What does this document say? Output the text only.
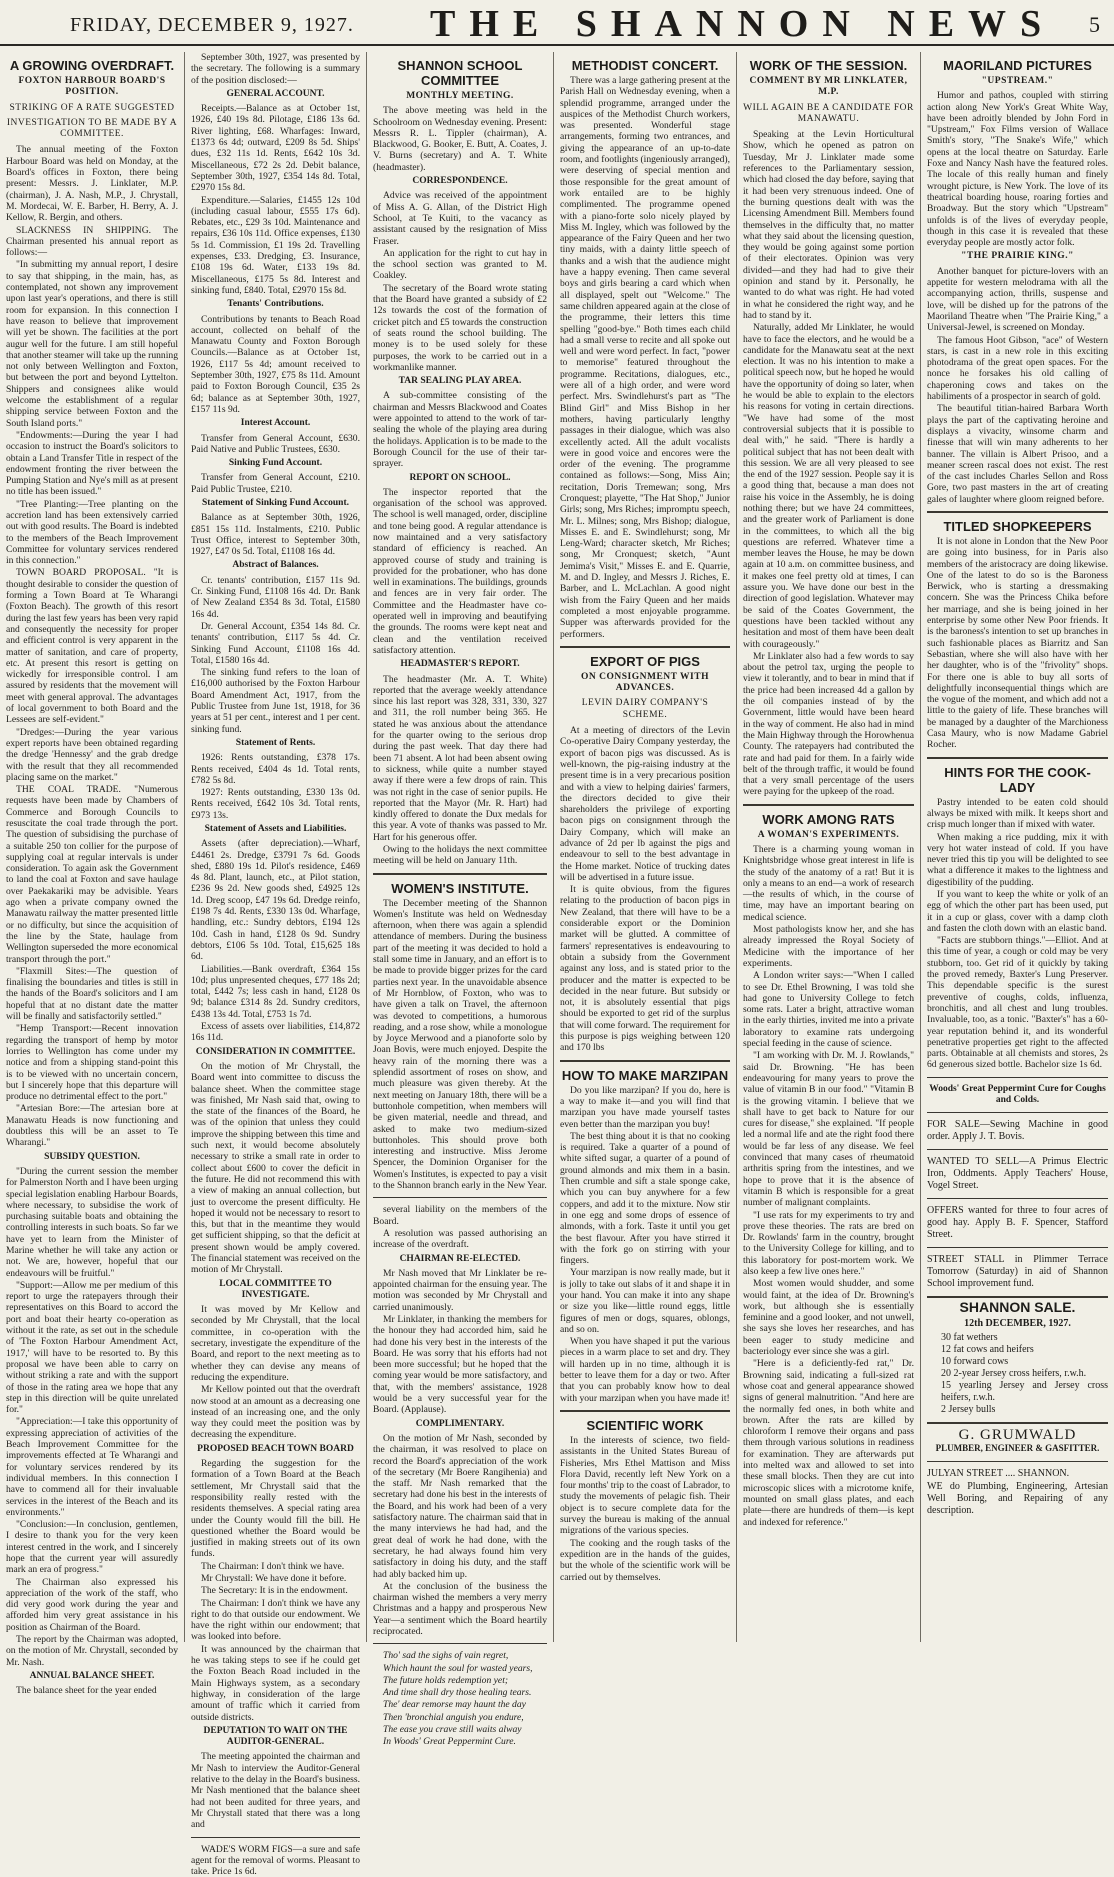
FRIDAY, DECEMBER 9, 1927. THE SHANNON NEWS 5
A GROWING OVERDRAFT.
FOXTON HARBOUR BOARD'S POSITION.
STRIKING OF A RATE SUGGESTED
INVESTIGATION TO BE MADE BY A COMMITTEE.

The annual meeting of the Foxton Harbour Board was held on Monday, at the Board's offices in Foxton, there being present: Messrs. J. Linklater, M.P. (chairman), J. A. Nash, M.P., J. Chrystall, M. Mordecai, W. E. Barber, H. Berry, A. J. Kellow, R. Bergin, and others.

SLACKNESS IN SHIPPING. The Chairman presented his annual report as follows:—

"In submitting my annual report, I desire to say that shipping, in the main, has, as contemplated, not shown any improvement upon last year's operations, and there is still room for expansion. In this connection I have reason to believe that improvement will yet be shown. The facilities at the port augur well for the future. I am still hopeful that another steamer will take up the running not only between Wellington and Foxton, but between the port and beyond Lyttelton. Shippers and consignees alike would welcome the establishment of a regular shipping service between Foxton and the South Island ports."

"Endowments:—During the year I had occasion to instruct the Board's solicitors to obtain a Land Transfer Title in respect of the endowment fronting the river between the Pumping Station and Nye's mill as at present no title has been issued."

"Tree Planting:—Tree planting on the accretion land has been extensively carried out with good results. The Board is indebted to the members of the Beach Improvement Committee for voluntary services rendered in this connection."

TOWN BOARD PROPOSAL. "It is thought desirable to consider the question of forming a Town Board at Te Wharangi (Foxton Beach). The growth of this resort during the last few years has been very rapid and consequently the necessity for proper and efficient control is very apparent in the matter of sanitation, and care of property, etc. At present this resort is getting on wickedly for irresponsible control. I am assured by residents that the movement will meet with general approval. The advantages of local government to both Board and the Lessees are self-evident."

"Dredges:—During the year various expert reports have been obtained regarding the dredge 'Hennessy' and the grab dredge with the result that they all recommended placing same on the market."

THE COAL TRADE. "Numerous requests have been made by Chambers of Commerce and Borough Councils to resuscitate the coal trade through the port. The question of subsidising the purchase of a suitable 250 ton collier for the purpose of supplying coal at regular intervals is under consideration. To again ask the Government to land the coal at Foxton and save haulage over Paekakariki may be advisible. Years ago when a private company owned the Manawatu railway the matter presented little or no difficulty, but since the acquisition of the line by the State, haulage from Wellington superseded the more economical transport through the port."

"Flaxmill Sites:—The question of finalising the boundaries and titles is still in the hands of the Board's solicitors and I am hopeful that at no distant date the matter will be finally and satisfactorily settled."

"Hemp Transport:—Recent innovation regarding the transport of hemp by motor lorries to Wellington has come under my notice and from a shipping stand-point this is to be viewed with no uncertain concern, but I sincerely hope that this departure will produce no detrimental effect to the port."

"Artesian Bore:—The artesian bore at Manawatu Heads is now functioning and doubtless this will be an asset to Te Wharangi."

SUBSIDY QUESTION.

"During the current session the member for Palmerston North and I have been urging special legislation enabling Harbour Boards, where necessary, to subsidise the work of purchasing suitable boats and obtaining the controlling interests in such boats. So far we have yet to learn from the Minister of Marine whether he will take any action or not. We are, however, hopeful that our endeavours will be fruitful."

"Support:—Allow me per medium of this report to urge the ratepayers through their representatives on this Board to accord the port and boat their hearty co-operation as without it the rate, as set out in the schedule of 'The Foxton Harbour Amendment Act, 1917,' will have to be resorted to. By this proposal we have been able to carry on without striking a rate and with the support of those in the rating area we hope that any step in this direction will be quite unrelated for."

"Appreciation:—I take this opportunity of expressing appreciation of activities of the Beach Improvement Committee for the improvements effected at Te Wharangi and for voluntary services rendered by its individual members. In this connection I have to commend all for their invaluable services in the interest of the Beach and its environments."

"Conclusion:—In conclusion, gentlemen, I desire to thank you for the very keen interest centred in the work, and I sincerely hope that the current year will assuredly mark an era of progress."

The Chairman also expressed his appreciation of the work of the staff, who did very good work during the year and afforded him very great assistance in his position as Chairman of the Board.

The report by the Chairman was adopted, on the motion of Mr. Chrystall, seconded by Mr. Nash.

ANNUAL BALANCE SHEET.

The balance sheet for the year ended

September 30th, 1927, was presented by the secretary. The following is a summary of the position disclosed:—

GENERAL ACCOUNT.

Receipts.—Balance as at October 1st, 1926, £40 19s 8d. Pilotage, £186 13s 6d. River lighting, £68. Wharfages: Inward, £1373 6s 4d; outward, £209 8s 5d. Ships' dues, £32 11s 1d. Rents, £642 10s 3d. Miscellaneous, £72 2s 2d. Debit balance, September 30th, 1927, £354 14s 8d. Total, £2970 15s 8d.

Expenditure.—Salaries, £1455 12s 10d (including casual labour, £555 17s 6d). Rebates, etc., £29 3s 10d. Maintenance and repairs, £36 10s 11d. Office expenses, £130 5s 1d. Commission, £1 19s 2d. Travelling expenses, £33. Dredging, £3. Insurance, £108 19s 6d. Water, £133 19s 8d. Miscellaneous, £175 5s 8d. Interest and sinking fund, £840. Total, £2970 15s 8d.

Tenants' Contributions.

Contributions by tenants to Beach Road account, collected on behalf of the Manawatu County and Foxton Borough Councils.—Balance as at October 1st, 1926, £117 5s 4d; amount received to September 30th, 1927, £75 8s 11d. Amount paid to Foxton Borough Council, £35 2s 6d; balance as at September 30th, 1927, £157 11s 9d.

Interest Account.

Transfer from General Account, £630. Paid Native and Public Trustees, £630.

Sinking Fund Account.

Transfer from General Account, £210. Paid Public Trustee, £210.

Statement of Sinking Fund Account.

Balance as at September 30th, 1926, £851 15s 11d. Instalments, £210. Public Trust Office, interest to September 30th, 1927, £47 0s 5d. Total, £1108 16s 4d.

Abstract of Balances.

Cr. tenants' contribution, £157 11s 9d. Cr. Sinking Fund, £1108 16s 4d. Dr. Bank of New Zealand £354 8s 3d. Total, £1580 16s 4d.

Dr. General Account, £354 14s 8d. Cr. tenants' contribution, £117 5s 4d. Cr. Sinking Fund Account, £1108 16s 4d. Total, £1580 16s 4d.

The sinking fund refers to the loan of £16,000 authorised by the Foxton Harbour Board Amendment Act, 1917, from the Public Trustee from June 1st, 1918, for 36 years at 51 per cent., interest and 1 per cent. sinking fund.

Statement of Rents.

1926: Rents outstanding, £378 17s. Rents received, £404 4s 1d. Total rents, £782 5s 8d.

1927: Rents outstanding, £330 13s 0d. Rents received, £642 10s 3d. Total rents, £973 13s.

Statement of Assets and Liabilities.

Assets (after depreciation).—Wharf, £4461 2s. Dredge, £3791 7s 6d. Goods shed, £880 19s 1d. Pilot's residence, £469 4s 8d. Plant, launch, etc., at Pilot station, £236 9s 2d. New goods shed, £4925 12s 1d. Dreg scoop, £47 19s 6d. Dredge reinfo, £198 7s 4d. Rents, £330 13s 0d. Wharfage, handling, etc.: Sundry debtors, £194 12s 10d. Cash in hand, £128 0s 9d. Sundry debtors, £106 5s 10d. Total, £15,625 18s 6d.

Liabilities.—Bank overdraft, £364 15s 10d; plus unpresented cheques, £77 18s 2d; total, £442 7s; less cash in hand, £128 0s 9d; balance £314 8s 2d. Sundry creditors, £438 13s 4d. Total, £753 1s 7d.

Excess of assets over liabilities, £14,872 16s 11d.

CONSIDERATION IN COMMITTEE.

On the motion of Mr Chrystall, the Board went into committee to discuss the balance sheet. When the committee stage was finished, Mr Nash said that, owing to the state of the finances of the Board, he was of the opinion that unless they could improve the shipping between this time and such next, it would become absolutely necessary to strike a small rate in order to collect about £600 to cover the deficit in the future. He did not recommend this with a view of making an annual collection, but just to overcome the present difficulty. He hoped it would not be necessary to resort to this, but that in the meantime they would get sufficient shipping, so that the deficit at present shown would be amply covered. The financial statement was received on the motion of Mr Chrystall.

LOCAL COMMITTEE TO INVESTIGATE.

It was moved by Mr Kellow and seconded by Mr Chrystall, that the local committee, in co-operation with the secretary, investigate the expenditure of the Board, and report to the next meeting as to whether they can devise any means of reducing the expenditure.

Mr Kellow pointed out that the overdraft now stood at an amount as a decreasing one instead of an increasing one, and the only way they could meet the position was by decreasing the expenditure.

PROPOSED BEACH TOWN BOARD

Regarding the suggestion for the formation of a Town Board at the Beach settlement, Mr Chrystall said that the responsibility really rested with the residents themselves. A special rating area under the County would fill the bill. He questioned whether the Board would be justified in making streets out of its own funds.

The Chairman: I don't think we have.

Mr Chrystall: We have done it before.

The Secretary: It is in the endowment.

The Chairman: I don't think we have any right to do that outside our endowment. We have the right within our endowment; that was looked into before.

It was announced by the chairman that he was taking steps to see if he could get the Foxton Beach Road included in the Main Highways system, as a secondary highway, in consideration of the large amount of traffic which it carried from outside districts.

DEPUTATION TO WAIT ON THE AUDITOR-GENERAL.

The meeting appointed the chairman and Mr Nash to interview the Auditor-General relative to the delay in the Board's business. Mr Nash mentioned that the balance sheet had not been audited for three years, and Mr Chrystall stated that there was a long and

WADE'S WORM FIGS—a sure and safe agent for the removal of worms. Pleasant to take. Price 1s 6d.

SHANNON SCHOOL COMMITTEE
MONTHLY MEETING.

The above meeting was held in the Schoolroom on Wednesday evening. Present: Messrs R. L. Tippler (chairman), A. Blackwood, G. Booker, E. Butt, A. Coates, J. V. Burns (secretary) and A. T. White (headmaster).

CORRESPONDENCE.

Advice was received of the appointment of Miss A. G. Allan, of the District High School, at Te Kuiti, to the vacancy as assistant caused by the resignation of Miss Fraser.

An application for the right to cut hay in the school section was granted to M. Coakley.

The secretary of the Board wrote stating that the Board have granted a subsidy of £2 12s towards the cost of the formation of cricket pitch and £5 towards the construction of seats round the school building. The money is to be used solely for these purposes, the work to be carried out in a workmanlike manner.

TAR SEALING PLAY AREA.

A sub-committee consisting of the chairman and Messrs Blackwood and Coates were appointed to attend to the work of tar-sealing the whole of the playing area during the holidays. Application is to be made to the Borough Council for the use of their tar-sprayer.

REPORT ON SCHOOL.

The inspector reported that the organisation of the school was approved. The school is well managed, order, discipline and tone being good. A regular attendance is now maintained and a very satisfactory standard of efficiency is reached. An approved course of study and training is provided for the probationer, who has done well in examinations. The buildings, grounds and fences are in very fair order. The Committee and the Headmaster have co-operated well in improving and beautifying the grounds. The rooms were kept neat and clean and the ventilation received satisfactory attention.

HEADMASTER'S REPORT.

The headmaster (Mr. A. T. White) reported that the average weekly attendance since his last report was 328, 331, 330, 327 and 311, the roll number being 365. He stated he was anxious about the attendance for the quarter owing to the serious drop during the past week. That day there had been 71 absent. A lot had been absent owing to sickness, while quite a number stayed away if there were a few drops of rain. This was not right in the case of senior pupils. He reported that the Mayor (Mr. R. Hart) had kindly offered to donate the Dux medals for this year. A vote of thanks was passed to Mr. Hart for his generous offer.

Owing to the holidays the next committee meeting will be held on January 11th.

WOMEN'S INSTITUTE.

The December meeting of the Shannon Women's Institute was held on Wednesday afternoon, when there was again a splendid attendance of members. During the business part of the meeting it was decided to hold a stall some time in January, and an effort is to be made to provide bigger prizes for the card parties next year. In the unavoidable absence of Mr Hornblow, of Foxton, who was to have given a talk on Travel, the afternoon was devoted to competitions, a humorous reading, and a rose show, while a monologue by Joyce Merwood and a pianoforte solo by Joan Bovis, were much enjoyed. Despite the heavy rain of the morning there was a splendid assortment of roses on show, and much pleasure was given thereby. At the next meeting on January 18th, there will be a buttonhole competition, when members will be given material, needle and thread, and asked to make two medium-sized buttonholes. This should prove both interesting and instructive. Miss Jerome Spencer, the Dominion Organiser for the Women's Institutes, is expected to pay a visit to the Shannon branch early in the New Year.

several liability on the members of the Board.

A resolution was passed authorising an increase of the overdraft.

CHAIRMAN RE-ELECTED.

Mr Nash moved that Mr Linklater be re-appointed chairman for the ensuing year. The motion was seconded by Mr Chrystall and carried unanimously.

Mr Linklater, in thanking the members for the honour they had accorded him, said he had done his very best in the interests of the Board. He was sorry that his efforts had not been more successful; but he hoped that the coming year would be more satisfactory, and that, with the members' assistance, 1928 would be a very successful year for the Board. (Applause).

COMPLIMENTARY.

On the motion of Mr Nash, seconded by the chairman, it was resolved to place on record the Board's appreciation of the work of the secretary (Mr Boere Rangihenia) and the staff. Mr Nash remarked that the secretary had done his best in the interests of the Board, and his work had been of a very satisfactory nature. The chairman said that in the many interviews he had had, and the great deal of work he had done, with the secretary, he had always found him very satisfactory in doing his duty, and the staff had ably backed him up.

At the conclusion of the business the chairman wished the members a very merry Christmas and a happy and prosperous New Year—a sentiment which the Board heartily reciprocated.

Tho' sad the sighs of vain regret,

Which haunt the soul for wasted years,

The future holds redemption yet;

And time shall dry those healing tears.

The' dear remorse may haunt the day

Then 'bronchial anguish you endure,

The ease you crave still waits alway

In Woods' Great Peppermint Cure.

METHODIST CONCERT.

There was a large gathering present at the Parish Hall on Wednesday evening, when a splendid programme, arranged under the auspices of the Methodist Church workers, was presented. Wonderful stage arrangements, forming two entrances, and giving the appearance of an up-to-date room, and footlights (ingeniously arranged), were deserving of special mention and those responsible for the great amount of work entailed are to be highly complimented. The programme opened with a piano-forte solo nicely played by Miss M. Ingley, which was followed by the appearance of the Fairy Queen and her two tiny maids, with a dainty little speech of thanks and a wish that the audience might have a happy evening. Then came several boys and girls bearing a card which when all displayed, spelt out "Welcome." The same children appeared again at the close of the programme, their letters this time spelling "good-bye." Both times each child had a small verse to recite and all spoke out well and were word perfect. In fact, "power to memorise" featured throughout the programme. Recitations, dialogues, etc., were all of a high order, and were word perfect. Mrs. Swindlehurst's part as "The Blind Girl" and Miss Bishop in her mothers, having particularly lengthy passages in their dialogue, which was also excellently acted. All the adult vocalists were in good voice and encores were the order of the evening. The programme contained as follows:—Song, Miss Ain; recitation, Doris Tremewan; song, Mrs Cronquest; playette, "The Hat Shop," Junior Girls; song, Mrs Riches; impromptu speech, Mr. L. Milnes; song, Mrs Bishop; dialogue, Misses E. and E. Swindlehurst; song, Mr Leng-Ward; character sketch, Mr Riches; song, Mr Cronquest; sketch, "Aunt Jemima's Visit," Misses E. and E. Quarrie, M. and D. Ingley, and Messrs J. Riches, E. Barber, and L. McLachlan. A good night wish from the Fairy Queen and her maids completed a most enjoyable programme. Supper was afterwards provided for the performers.

EXPORT OF PIGS
ON CONSIGNMENT WITH ADVANCES.
LEVIN DAIRY COMPANY'S SCHEME.

At a meeting of directors of the Levin Co-operative Dairy Company yesterday, the export of bacon pigs was discussed. As is well-known, the pig-raising industry at the present time is in a very precarious position and with a view to helping dairies' farmers, the directors decided to give their shareholders the privilege of exporting bacon pigs on consignment through the Dairy Company, which will make an advance of 2d per lb against the pigs and endeavour to sell to the best advantage in the Home market. Notice of trucking dates will be advertised in a future issue.

It is quite obvious, from the figures relating to the production of bacon pigs in New Zealand, that there will have to be a considerable export or the Dominion market will be glutted. A committee of farmers' representatives is endeavouring to obtain a subsidy from the Government against any loss, and is stated prior to the producer and the matter is expected to be decided in the near future. But subsidy or not, it is absolutely essential that pigs should be exported to get rid of the surplus that will come forward. The requirement for this purpose is pigs weighing between 120 and 170 lbs

HOW TO MAKE MARZIPAN

Do you like marzipan? If you do, here is a way to make it—and you will find that marzipan you have made yourself tastes even better than the marzipan you buy!

The best thing about it is that no cooking is required. Take a quarter of a pound of white sifted sugar, a quarter of a pound of ground almonds and mix them in a basin. Then crumble and sift a stale sponge cake, which you can buy anywhere for a few coppers, and add it to the mixture. Now stir in one egg and some drops of essence of almonds, with a fork. Taste it until you get the best flavour. After you have stirred it with the fork go on stirring with your fingers.

Your marzipan is now really made, but it is jolly to take out slabs of it and shape it in your hand. You can make it into any shape or size you like—little round eggs, little figures of men or dogs, squares, oblongs, and so on.

When you have shaped it put the various pieces in a warm place to set and dry. They will harden up in no time, although it is better to leave them for a day or two. After that you can probably know how to deal with your marzipan when you have made it!

SCIENTIFIC WORK

In the interests of science, two field-assistants in the United States Bureau of Fisheries, Mrs Ethel Mattison and Miss Flora David, recently left New York on a four months' trip to the coast of Labrador, to study the movements of pelagic fish. Their object is to secure complete data for the survey the bureau is making of the annual migrations of the various species.

The cooking and the rough tasks of the expedition are in the hands of the guides, but the whole of the scientific work will be carried out by themselves.

WORK OF THE SESSION.
COMMENT BY MR LINKLATER, M.P.
WILL AGAIN BE A CANDIDATE FOR MANAWATU.

Speaking at the Levin Horticultural Show, which he opened as patron on Tuesday, Mr J. Linklater made some references to the Parliamentary session, which had closed the day before, saying that it had been very strenuous indeed. One of the burning questions dealt with was the Licensing Amendment Bill. Members found themselves in the difficulty that, no matter what they said about the licensing question, they would be going against some portion of their electorates. Opinion was very divided—and they had had to give their opinion and stand by it. Personally, he wanted to do what was right. He had voted in what he considered the right way, and he had to stand by it.

Naturally, added Mr Linklater, he would have to face the electors, and he would be a candidate for the Manawatu seat at the next election. It was no his intention to make a political speech now, but he hoped he would have the opportunity of doing so later, when he would be able to explain to the electors his reasons for voting in certain directions. "We have had some of the most controversial subjects that it is possible to deal with," he said. "There is hardly a political subject that has not been dealt with this session. We are all very pleased to see the end of the 1927 session. People say it is a good thing that, because a man does not raise his voice in the Assembly, he is doing nothing there; but we have 24 committees, and the greater work of Parliament is done in the committees, to which all the big questions are referred. Whatever time a member leaves the House, he may be down again at 10 a.m. on committee business, and it makes one feel pretty old at times, I can assure you. We have done our best in the direction of good legislation. Whatever may be said of the Coates Government, the questions have been tackled without any hesitation and most of them have been dealt with courageously."

Mr Linklater also had a few words to say about the petrol tax, urging the people to view it tolerantly, and to bear in mind that if the price had been increased 4d a gallon by the oil companies instead of by the Government, little would have been heard in the way of comment. He also had in mind the Main Highway through the Horowhenua County. The ratepayers had contributed the rate and had paid for them. In a fairly wide belt of the through traffic, it would be found that a very small percentage of the users were paying for the upkeep of the road.

WORK AMONG RATS
A WOMAN'S EXPERIMENTS.

There is a charming young woman in Knightsbridge whose great interest in life is the study of the anatomy of a rat! But it is only a means to an end—a work of research—the results of which, in the course of time, may have an important bearing on medical science.

Most pathologists know her, and she has already impressed the Royal Society of Medicine with the importance of her experiments.

A London writer says:—"When I called to see Dr. Ethel Browning, I was told she had gone to University College to fetch some rats. Later a bright, attractive woman in the early thirties, invited me into a private laboratory to examine rats undergoing special feeding in the cause of science.

"I am working with Dr. M. J. Rowlands," said Dr. Browning. "He has been endeavouring for many years to prove the value of vitamin B in our food." "Vitamin B is the growing vitamin. I believe that we shall have to get back to Nature for our cures for disease," she explained. "If people led a normal life and ate the right food there would be far less of any disease. We feel convinced that many cases of rheumatoid arthritis spring from the intestines, and we hope to prove that it is the absence of vitamin B which is responsible for a great number of malignant complaints.

"I use rats for my experiments to try and prove these theories. The rats are bred on Dr. Rowlands' farm in the country, brought to the University College for killing, and to this laboratory for post-mortem work. We also keep a few live ones here."

Most women would shudder, and some would faint, at the idea of Dr. Browning's work, but although she is essentially feminine and a good looker, and not unwell, she says she loves her researches, and has been eager to study medicine and bacteriology ever since she was a girl.

"Here is a deficiently-fed rat," Dr. Browning said, indicating a full-sized rat whose coat and general appearance showed signs of general malnutrition. "And here are the normally fed ones, in both white and brown. After the rats are killed by chloroform I remove their organs and pass them through various solutions in readiness for examination. They are afterwards put into melted wax and allowed to set into these small blocks. Then they are cut into microscopic slices with a microtome knife, mounted on small glass plates, and each plate—there are hundreds of them—is kept and indexed for reference."

MAORILAND PICTURES
"UPSTREAM."

Humor and pathos, coupled with stirring action along New York's Great White Way, have been adroitly blended by John Ford in "Upstream," Fox Films version of Wallace Smith's story, "The Snake's Wife," which opens at the local theatre on Saturday. Earle Foxe and Nancy Nash have the featured roles. The locale of this really human and finely wrought picture, is New York. The love of its theatrical boarding house, roaring forties and Broadway. But the story which "Upstream" unfolds is of the lives of everyday people, though in this case it is revealed that these everyday people are mostly actor folk.

"THE PRAIRIE KING."

Another banquet for picture-lovers with an appetite for western melodrama with all the accompanying action, thrills, suspense and love, will be dished up for the patrons of the Maoriland Theatre when "The Prairie King," a Universal-Jewel, is screened on Monday.

The famous Hoot Gibson, "ace" of Western stars, is cast in a new role in this exciting photodrama of the great open spaces. For the nonce he forsakes his old calling of chaperoning cows and takes on the habiliments of a prospector in search of gold.

The beautiful titian-haired Barbara Worth plays the part of the captivating heroine and displays a vivacity, winsome charm and finesse that will win many adherents to her banner. The villain is Albert Prisoo, and a meaner screen rascal does not exist. The rest of the cast includes Charles Sellon and Ross Gore, two past masters in the art of creating gales of laughter where gloom reigned before.

TITLED SHOPKEEPERS

It is not alone in London that the New Poor are going into business, for in Paris also members of the aristocracy are doing likewise. One of the latest to do so is the Baroness Berwick, who is starting a dressmaking concern. She was the Princess Chika before her marriage, and she is being joined in her enterprise by some other New Poor friends. It is the baroness's intention to set up branches in such fashionable places as Biarritz and San Sebastian, where she will also have with her her daughter, who is of the "frivolity" shops. For there one is able to buy all sorts of delightfully inconsequential things which are the vogue of the moment, and which add not a little to the gaiety of life. These branches will be managed by a daughter of the Marchioness Casa Maury, who is now Madame Gabriel Rocher.

HINTS FOR THE COOK-LADY

Pastry intended to be eaten cold should always be mixed with milk. It keeps short and crisp much longer than if mixed with water.

When making a rice pudding, mix it with very hot water instead of cold. If you have never tried this tip you will be delighted to see what a difference it makes to the lightness and digestibility of the pudding.

If you want to keep the white or yolk of an egg of which the other part has been used, put it in a cup or glass, cover with a damp cloth and fasten the cloth down with an elastic band.

"Facts are stubborn things."—Elliot. And at this time of year, a cough or cold may be very stubborn, too. Get rid of it quickly by taking the proved remedy, Baxter's Lung Preserver. This dependable specific is the surest preventive of coughs, colds, influenza, bronchitis, and all chest and lung troubles. Invaluable, too, as a tonic. "Baxter's" has a 60-year reputation behind it, and its wonderful penetrative properties get right to the affected parts. Obtainable at all chemists and stores, 2s 6d generous sized bottle. Bachelor size 1s 6d.

Woods' Great Peppermint Cure for Coughs and Colds.

FOR SALE—Sewing Machine in good order. Apply J. T. Bovis.

WANTED TO SELL—A Primus Electric Iron, Oddments. Apply Teachers' House, Vogel Street.

OFFERS wanted for three to four acres of good hay. Apply B. F. Spencer, Stafford Street.

STREET STALL in Plimmer Terrace Tomorrow (Saturday) in aid of Shannon School improvement fund.

SHANNON SALE.
12th DECEMBER, 1927.
30 fat wethers
12 fat cows and heifers
10 forward cows
20 2-year Jersey cross heifers, r.w.h.
15 yearling Jersey and Jersey cross heifers, r.w.h.
2 Jersey bulls
G. GRUMWALD
PLUMBER, ENGINEER & GASFITTER.

JULYAN STREET .... SHANNON.

WE do Plumbing, Engineering, Artesian Well Boring, and Repairing of any description.
